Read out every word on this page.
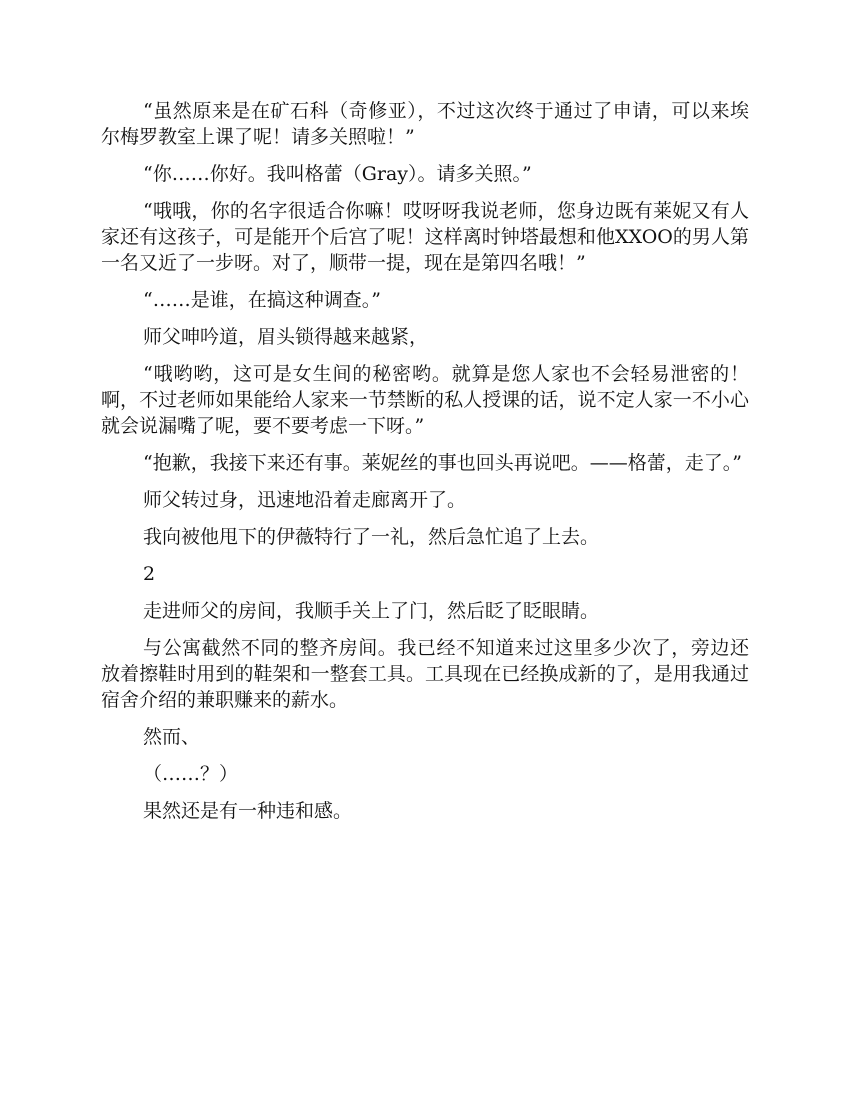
“虽然原来是在矿石科（奇修亚），不过这次终于通过了申请，可以来埃尔梅罗教室上课了呢！请多关照啦！”

“你……你好。我叫格蕾（Gray）。请多关照。”

“哦哦，你的名字很适合你嘛！哎呀呀我说老师，您身边既有莱妮又有人家还有这孩子，可是能开个后宫了呢！这样离时钟塔最想和他XXOO的男人第一名又近了一步呀。对了，顺带一提，现在是第四名哦！”

“……是谁，在搞这种调查。”

师父呻吟道，眉头锁得越来越紧，

“哦哟哟，这可是女生间的秘密哟。就算是您人家也不会轻易泄密的！啊，不过老师如果能给人家来一节禁断的私人授课的话，说不定人家一不小心就会说漏嘴了呢，要不要考虑一下呀。”

“抱歉，我接下来还有事。莱妮丝的事也回头再说吧。——格蕾，走了。”

师父转过身，迅速地沿着走廊离开了。

我向被他甩下的伊薇特行了一礼，然后急忙追了上去。

2

走进师父的房间，我顺手关上了门，然后眨了眨眼睛。

与公寓截然不同的整齐房间。我已经不知道来过这里多少次了，旁边还放着擦鞋时用到的鞋架和一整套工具。工具现在已经换成新的了，是用我通过宿舍介绍的兼职赚来的薪水。

然而、

（……？）

果然还是有一种违和感。
